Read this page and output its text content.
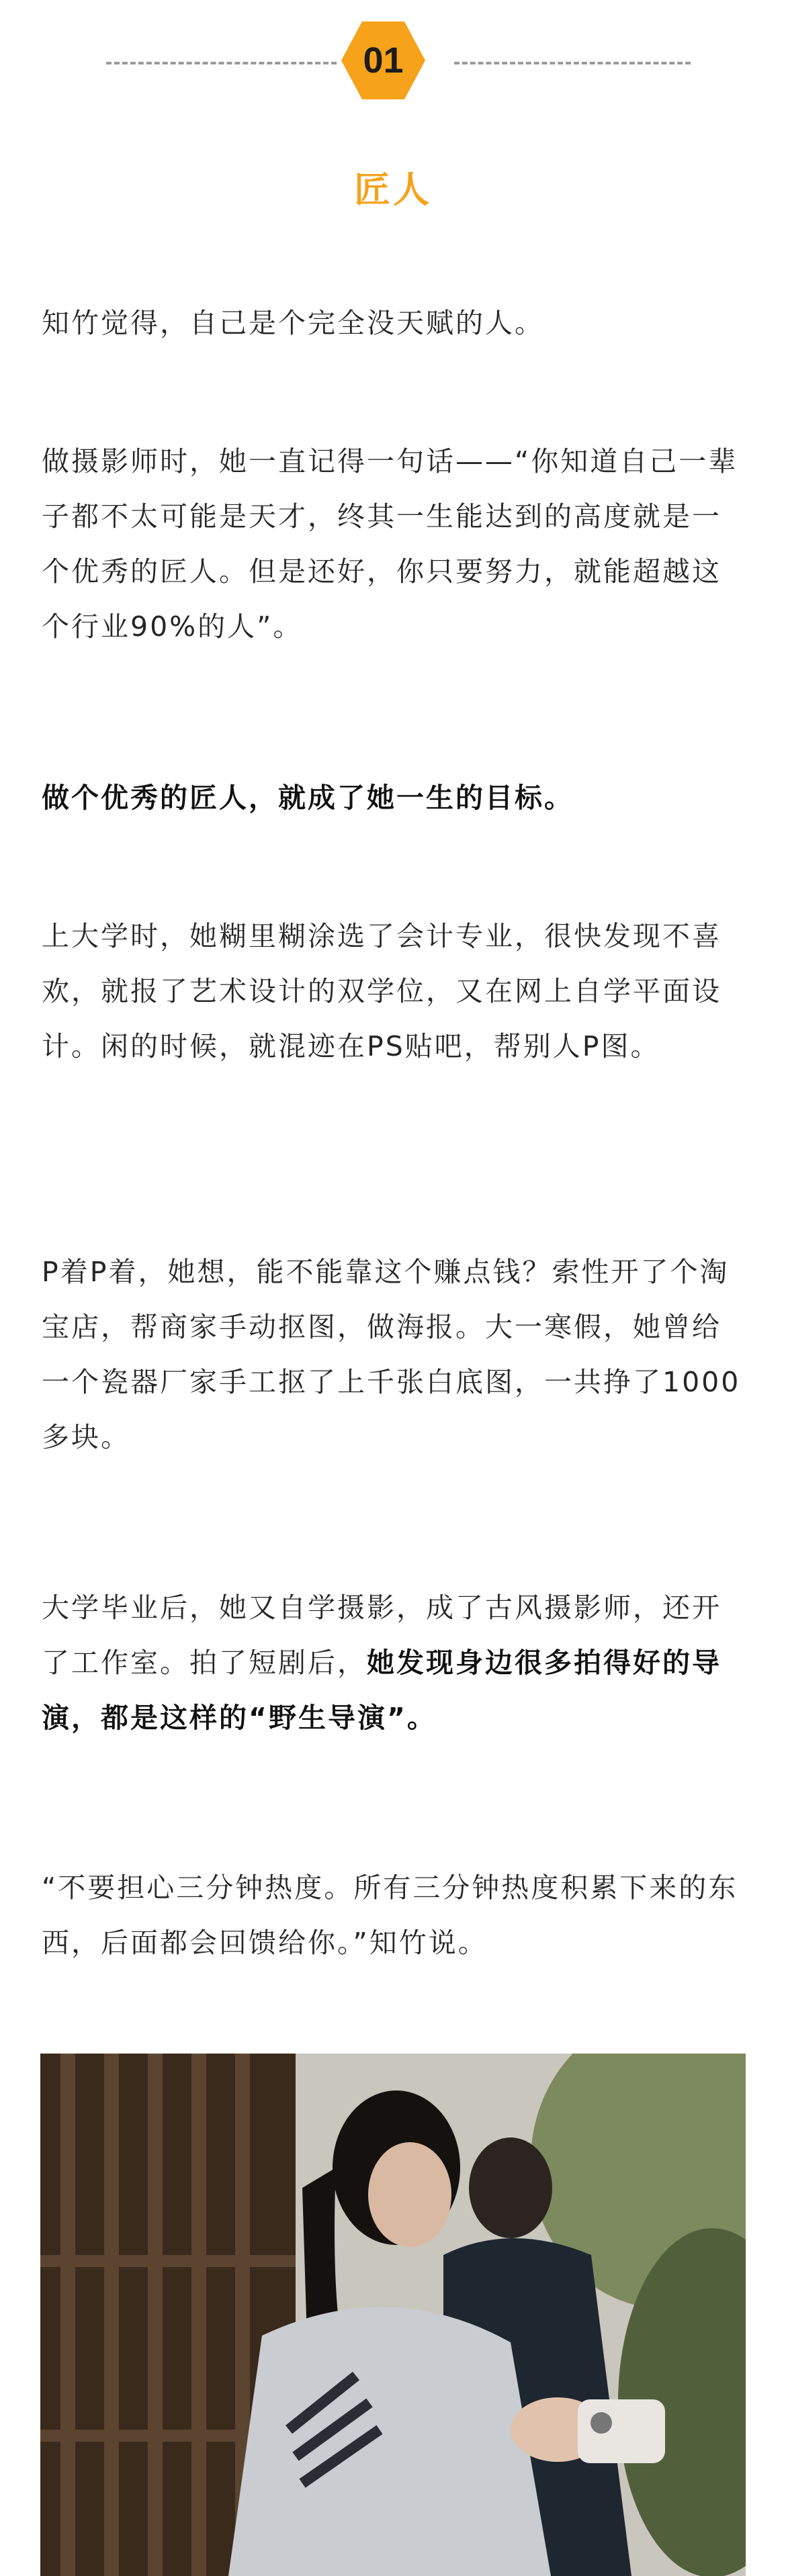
01
匠人

知竹觉得，自己是个完全没天赋的人。

做摄影师时，她一直记得一句话——“你知道自己一辈子都不太可能是天才，终其一生能达到的高度就是一个优秀的匠人。但是还好，你只要努力，就能超越这个行业90%的人”。

做个优秀的匠人，就成了她一生的目标。

上大学时，她糊里糊涂选了会计专业，很快发现不喜欢，就报了艺术设计的双学位，又在网上自学平面设计。闲的时候，就混迹在PS贴吧，帮别人P图。

P着P着，她想，能不能靠这个赚点钱？索性开了个淘宝店，帮商家手动抠图，做海报。大一寒假，她曾给一个瓷器厂家手工抠了上千张白底图，一共挣了1000多块。

大学毕业后，她又自学摄影，成了古风摄影师，还开了工作室。拍了短剧后，她发现身边很多拍得好的导演，都是这样的“野生导演”。

“不要担心三分钟热度。所有三分钟热度积累下来的东西，后面都会回馈给你。”知竹说。
